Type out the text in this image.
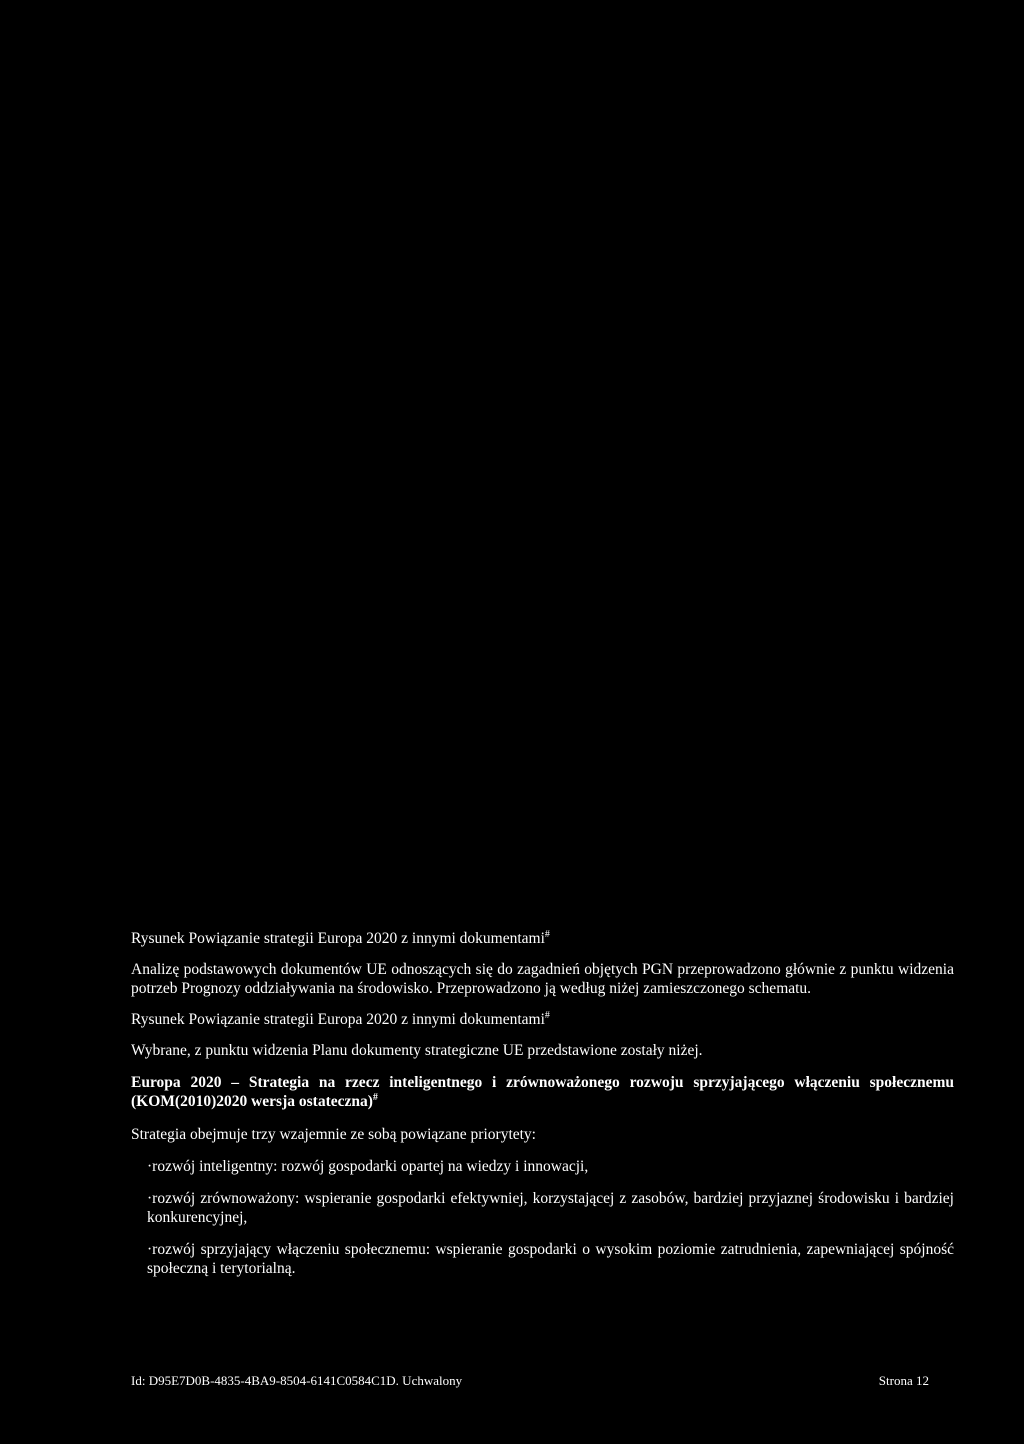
Rysunek Powiązanie strategii Europa 2020 z innymi dokumentami#

Analizę podstawowych dokumentów UE odnoszących się do zagadnień objętych PGN przeprowadzono głównie z punktu widzenia potrzeb Prognozy oddziaływania na środowisko. Przeprowadzono ją według niżej zamieszczonego schematu.

Rysunek Powiązanie strategii Europa 2020 z innymi dokumentami#

Wybrane, z punktu widzenia Planu dokumenty strategiczne UE przedstawione zostały niżej.

Europa 2020 – Strategia na rzecz inteligentnego i zrównoważonego rozwoju sprzyjającego włączeniu społecznemu (KOM(2010)2020 wersja ostateczna)#

Strategia obejmuje trzy wzajemnie ze sobą powiązane priorytety:

·rozwój inteligentny: rozwój gospodarki opartej na wiedzy i innowacji,

·rozwój zrównoważony: wspieranie gospodarki efektywniej, korzystającej z zasobów, bardziej przyjaznej środowisku i bardziej konkurencyjnej,

·rozwój sprzyjający włączeniu społecznemu: wspieranie gospodarki o wysokim poziomie zatrudnienia, zapewniającej spójność społeczną i terytorialną.

Id: D95E7D0B-4835-4BA9-8504-6141C0584C1D. Uchwalony	Strona 12
